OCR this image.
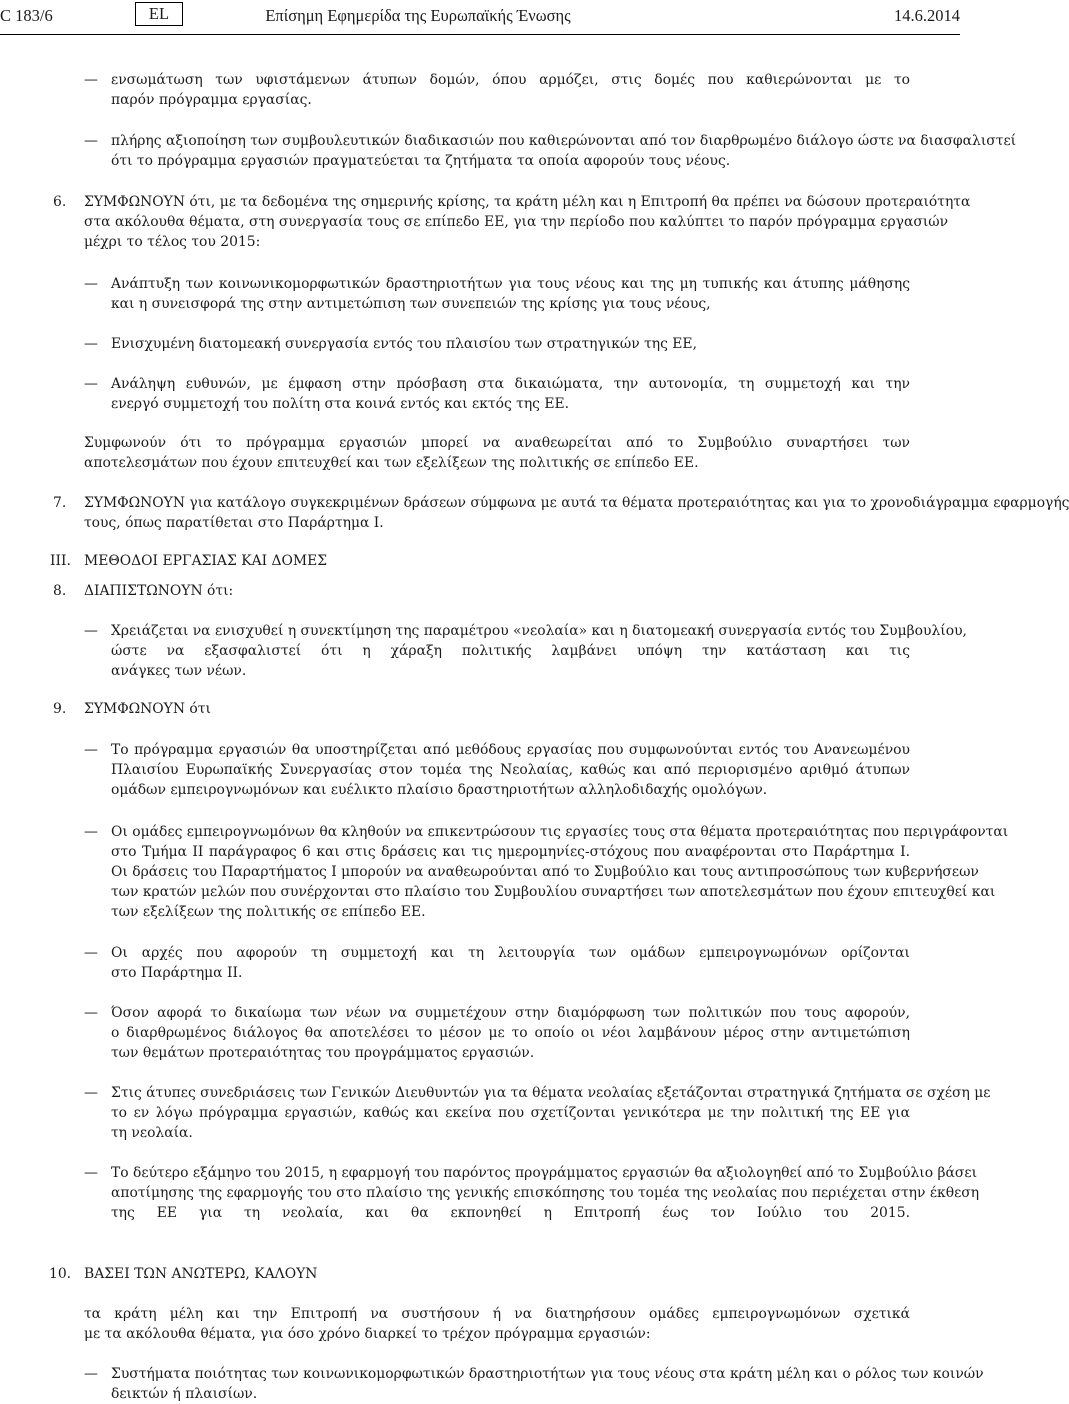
C 183/6	EL	Επίσημη Εφημερίδα της Ευρωπαϊκής Ένωσης	14.6.2014
— ενσωμάτωση των υφιστάμενων άτυπων δομών, όπου αρμόζει, στις δομές που καθιερώνονται με το
παρόν πρόγραμμα εργασίας.
— πλήρης αξιοποίηση των συμβουλευτικών διαδικασιών που καθιερώνονται από τον διαρθρωμένο διάλογο ώστε να διασφαλιστεί
ότι το πρόγραμμα εργασιών πραγματεύεται τα ζητήματα τα οποία αφορούν τους νέους.
6. ΣΥΜΦΩΝΟΥΝ ότι, με τα δεδομένα της σημερινής κρίσης, τα κράτη μέλη και η Επιτροπή θα πρέπει να δώσουν προτεραιότητα
στα ακόλουθα θέματα, στη συνεργασία τους σε επίπεδο ΕΕ, για την περίοδο που καλύπτει το παρόν πρόγραμμα εργασιών
μέχρι το τέλος του 2015:
— Ανάπτυξη των κοινωνικομορφωτικών δραστηριοτήτων για τους νέους και της μη τυπικής και άτυπης μάθησης
και η συνεισφορά της στην αντιμετώπιση των συνεπειών της κρίσης για τους νέους,
— Ενισχυμένη διατομεακή συνεργασία εντός του πλαισίου των στρατηγικών της ΕΕ,
— Ανάληψη ευθυνών, με έμφαση στην πρόσβαση στα δικαιώματα, την αυτονομία, τη συμμετοχή και την
ενεργό συμμετοχή του πολίτη στα κοινά εντός και εκτός της ΕΕ.
Συμφωνούν ότι το πρόγραμμα εργασιών μπορεί να αναθεωρείται από το Συμβούλιο συναρτήσει των
αποτελεσμάτων που έχουν επιτευχθεί και των εξελίξεων της πολιτικής σε επίπεδο ΕΕ.
7. ΣΥΜΦΩΝΟΥΝ για κατάλογο συγκεκριμένων δράσεων σύμφωνα με αυτά τα θέματα προτεραιότητας και για το χρονοδιάγραμμα εφαρμογής
τους, όπως παρατίθεται στο Παράρτημα Ι.
III. ΜΕΘΟΔΟΙ ΕΡΓΑΣΙΑΣ ΚΑΙ ΔΟΜΕΣ
8. ΔΙΑΠΙΣΤΩΝΟΥΝ ότι:
— Χρειάζεται να ενισχυθεί η συνεκτίμηση της παραμέτρου «νεολαία» και η διατομεακή συνεργασία εντός του Συμβουλίου,
ώστε να εξασφαλιστεί ότι η χάραξη πολιτικής λαμβάνει υπόψη την κατάσταση και τις
ανάγκες των νέων.
9. ΣΥΜΦΩΝΟΥΝ ότι
— Το πρόγραμμα εργασιών θα υποστηρίζεται από μεθόδους εργασίας που συμφωνούνται εντός του Ανανεωμένου
Πλαισίου Ευρωπαϊκής Συνεργασίας στον τομέα της Νεολαίας, καθώς και από περιορισμένο αριθμό άτυπων
ομάδων εμπειρογνωμόνων και ευέλικτο πλαίσιο δραστηριοτήτων αλληλοδιδαχής ομολόγων.
— Οι ομάδες εμπειρογνωμόνων θα κληθούν να επικεντρώσουν τις εργασίες τους στα θέματα προτεραιότητας που περιγράφονται
στο Τμήμα ΙΙ παράγραφος 6 και στις δράσεις και τις ημερομηνίες-στόχους που αναφέρονται στο Παράρτημα Ι.
Οι δράσεις του Παραρτήματος Ι μπορούν να αναθεωρούνται από το Συμβούλιο και τους αντιπροσώπους των κυβερνήσεων
των κρατών μελών που συνέρχονται στο πλαίσιο του Συμβουλίου συναρτήσει των αποτελεσμάτων που έχουν επιτευχθεί και
των εξελίξεων της πολιτικής σε επίπεδο ΕΕ.
— Οι αρχές που αφορούν τη συμμετοχή και τη λειτουργία των ομάδων εμπειρογνωμόνων ορίζονται
στο Παράρτημα ΙΙ.
— Όσον αφορά το δικαίωμα των νέων να συμμετέχουν στην διαμόρφωση των πολιτικών που τους αφορούν,
ο διαρθρωμένος διάλογος θα αποτελέσει το μέσον με το οποίο οι νέοι λαμβάνουν μέρος στην αντιμετώπιση
των θεμάτων προτεραιότητας του προγράμματος εργασιών.
— Στις άτυπες συνεδριάσεις των Γενικών Διευθυντών για τα θέματα νεολαίας εξετάζονται στρατηγικά ζητήματα σε σχέση με
το εν λόγω πρόγραμμα εργασιών, καθώς και εκείνα που σχετίζονται γενικότερα με την πολιτική της ΕΕ για
τη νεολαία.
— Το δεύτερο εξάμηνο του 2015, η εφαρμογή του παρόντος προγράμματος εργασιών θα αξιολογηθεί από το Συμβούλιο βάσει
αποτίμησης της εφαρμογής του στο πλαίσιο της γενικής επισκόπησης του τομέα της νεολαίας που περιέχεται στην έκθεση
της ΕΕ για τη νεολαία, και θα εκπονηθεί η Επιτροπή έως τον Ιούλιο του 2015.
10. ΒΑΣΕΙ ΤΩΝ ΑΝΩΤΕΡΩ, ΚΑΛΟΥΝ
τα κράτη μέλη και την Επιτροπή να συστήσουν ή να διατηρήσουν ομάδες εμπειρογνωμόνων σχετικά
με τα ακόλουθα θέματα, για όσο χρόνο διαρκεί το τρέχον πρόγραμμα εργασιών:
— Συστήματα ποιότητας των κοινωνικομορφωτικών δραστηριοτήτων για τους νέους στα κράτη μέλη και ο ρόλος των κοινών
δεικτών ή πλαισίων.
